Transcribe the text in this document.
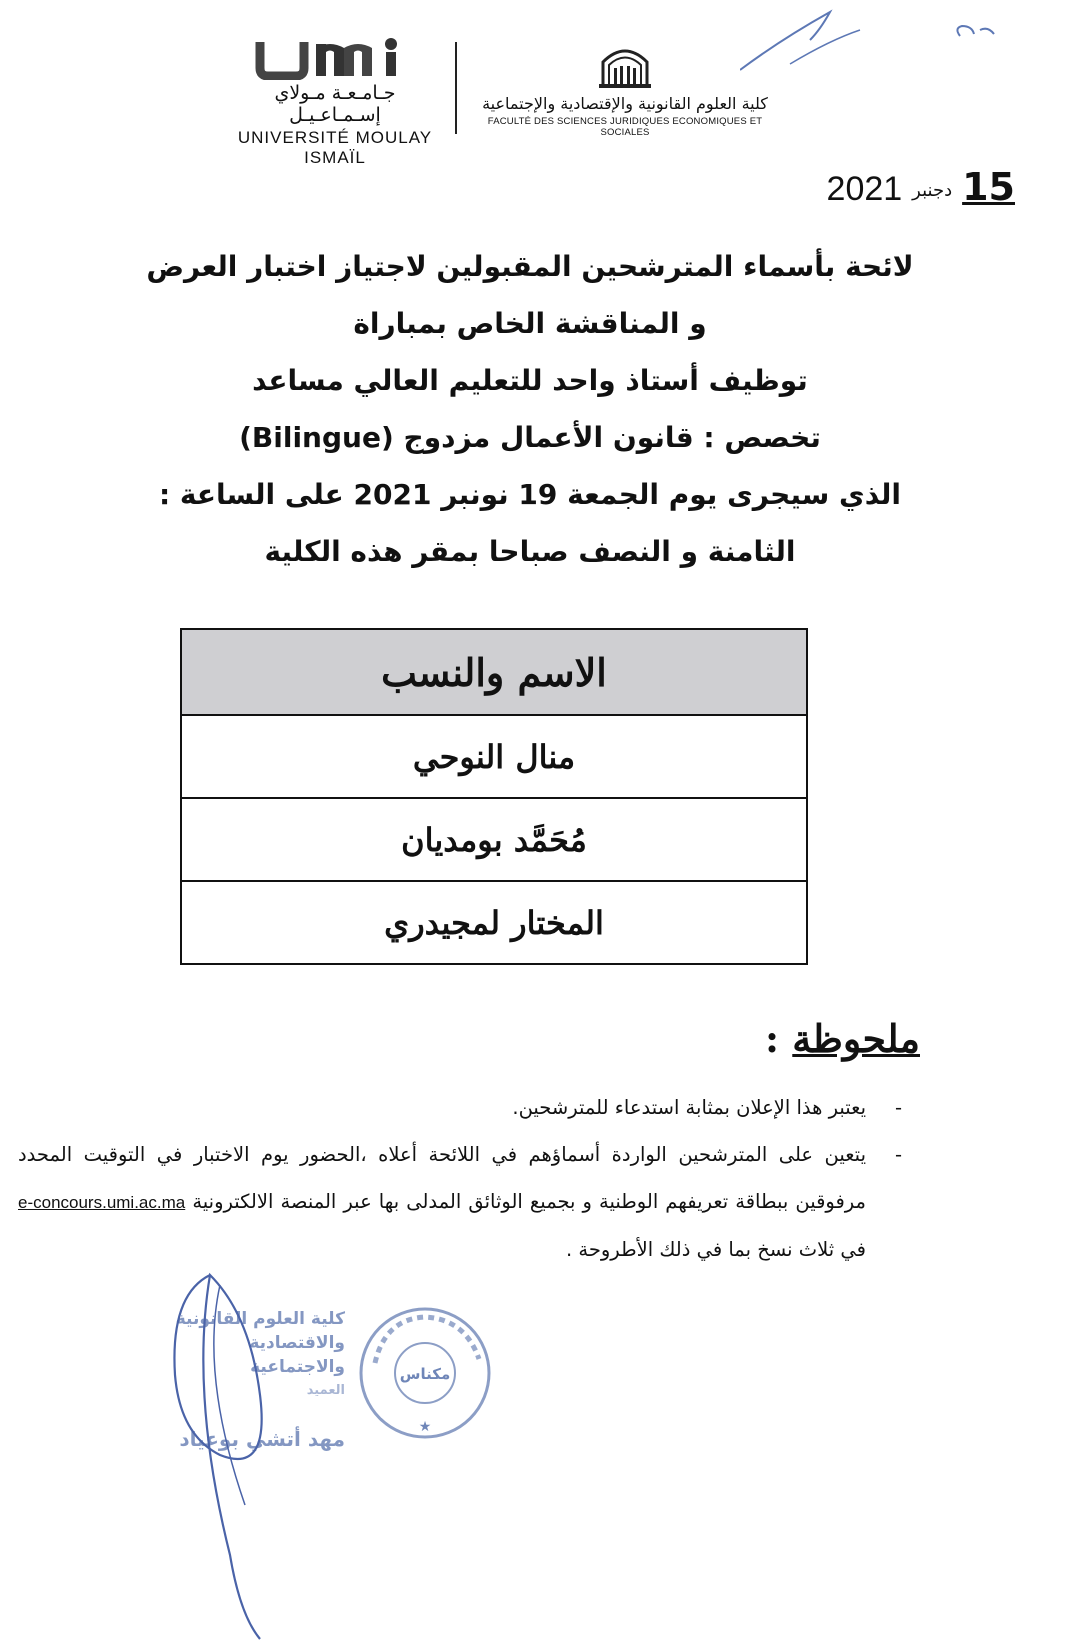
جـامـعـة مـولاي إسـمـاعـيـل
UNIVERSITÉ MOULAY ISMAÏL
كلية العلوم القانونية والإقتصادية والإجتماعية
FACULTÉ DES SCIENCES JURIDIQUES ECONOMIQUES ET SOCIALES
15دجنبر2021
لائحة بأسماء المترشحين المقبولين لاجتياز اختبار العرض
و المناقشة الخاص بمباراة
توظيف أستاذ واحد للتعليم العالي مساعد
تخصص : قانون الأعمال مزدوج (Bilingue)
الذي سيجرى يوم الجمعة 19 نونبر 2021 على الساعة :
الثامنة و النصف صباحا بمقر هذه الكلية
الاسم والنسب
منال النوحي
مُحَمَّد بومديان
المختار لمجيدري
ملحوظة :
-
يعتبر هذا الإعلان بمثابة استدعاء للمترشحين.
-
يتعين على المترشحين الواردة أسماؤهم في اللائحة أعلاه ،الحضور يوم الاختبار في التوقيت المحدد مرفوقين ببطاقة تعريفهم الوطنية و بجميع الوثائق المدلى بها عبر المنصة الالكترونية e-concours.umi.ac.ma في ثلاث نسخ بما في ذلك الأطروحة .
كلية العلوم القانونية
والاقتصادية والاجتماعية
العميد
مهد أتشي بوعياد
مكناس
★
